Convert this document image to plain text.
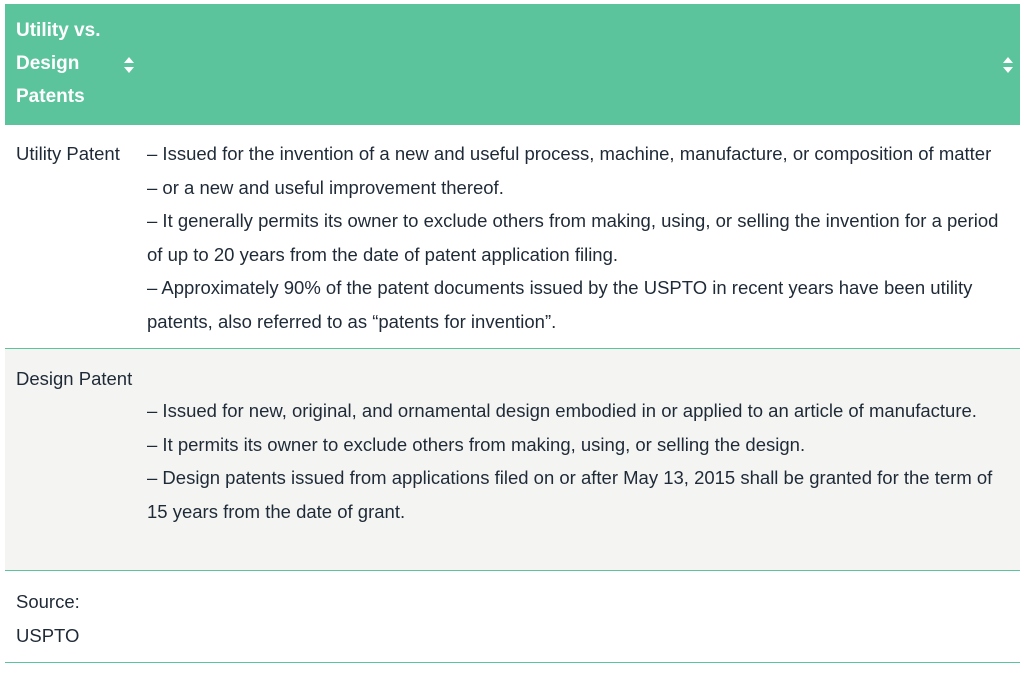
Utility vs. Design Patents

Utility Patent	– Issued for the invention of a new and useful process, machine, manufacture, or composition of matter – or a new and useful improvement thereof.
– It generally permits its owner to exclude others from making, using, or selling the invention for a period of up to 20 years from the date of patent application filing.
– Approximately 90% of the patent documents issued by the USPTO in recent years have been utility patents, also referred to as “patents for invention”.

Design Patent	– Issued for new, original, and ornamental design embodied in or applied to an article of manufacture.
– It permits its owner to exclude others from making, using, or selling the design.
– Design patents issued from applications filed on or after May 13, 2015 shall be granted for the term of 15 years from the date of grant.

Source: USPTO	
